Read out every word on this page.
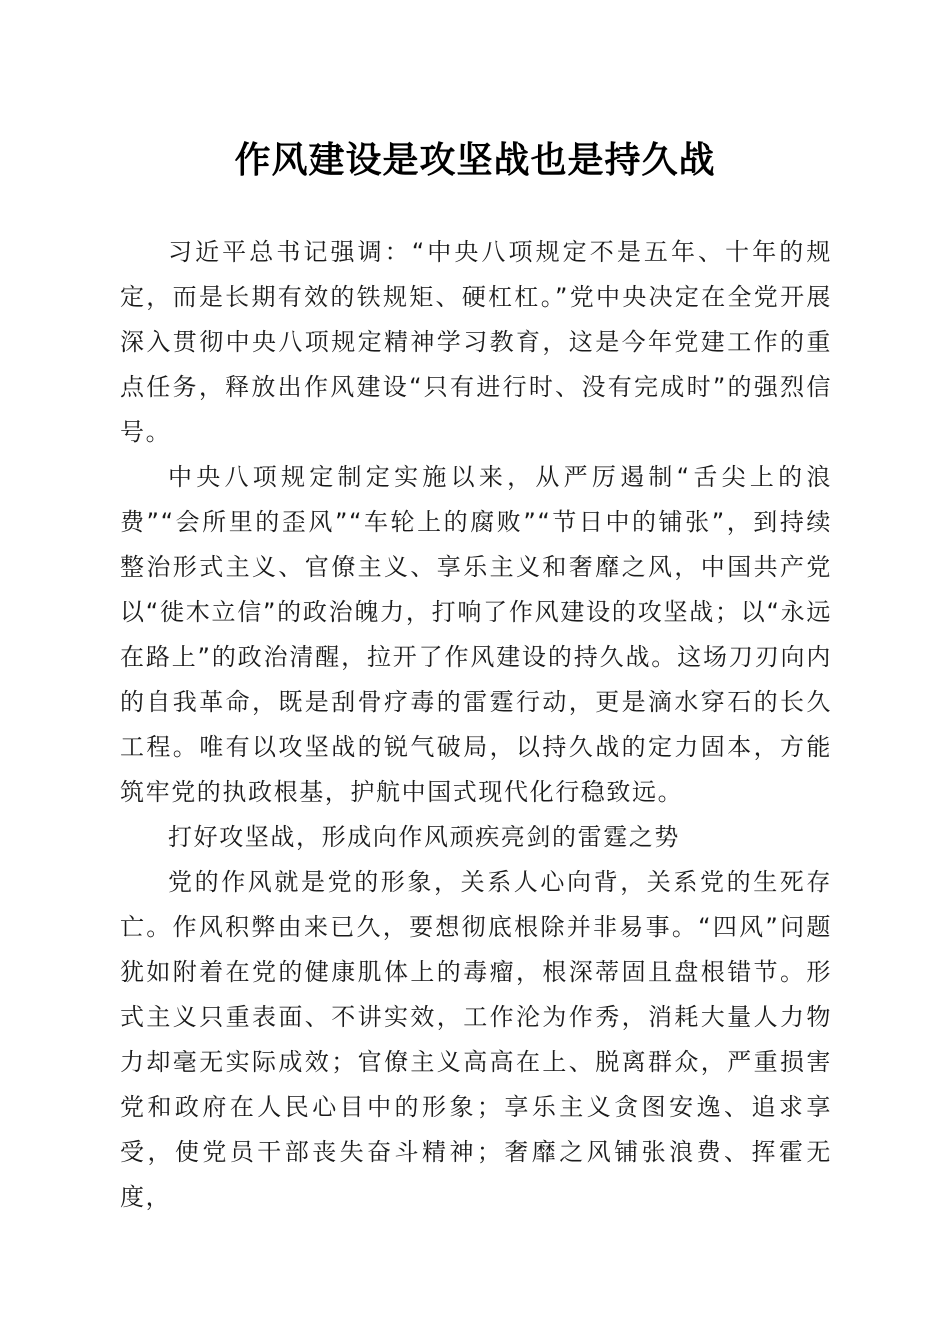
作风建设是攻坚战也是持久战

习近平总书记强调：“中央八项规定不是五年、十年的规定，而是长期有效的铁规矩、硬杠杠。”党中央决定在全党开展深入贯彻中央八项规定精神学习教育，这是今年党建工作的重点任务，释放出作风建设“只有进行时、没有完成时”的强烈信号。

中央八项规定制定实施以来，从严厉遏制“舌尖上的浪费”“会所里的歪风”“车轮上的腐败”“节日中的铺张”，到持续整治形式主义、官僚主义、享乐主义和奢靡之风，中国共产党以“徙木立信”的政治魄力，打响了作风建设的攻坚战；以“永远在路上”的政治清醒，拉开了作风建设的持久战。这场刀刃向内的自我革命，既是刮骨疗毒的雷霆行动，更是滴水穿石的长久工程。唯有以攻坚战的锐气破局，以持久战的定力固本，方能筑牢党的执政根基，护航中国式现代化行稳致远。

打好攻坚战，形成向作风顽疾亮剑的雷霆之势

党的作风就是党的形象，关系人心向背，关系党的生死存亡。作风积弊由来已久，要想彻底根除并非易事。“四风”问题犹如附着在党的健康肌体上的毒瘤，根深蒂固且盘根错节。形式主义只重表面、不讲实效，工作沦为作秀，消耗大量人力物力却毫无实际成效；官僚主义高高在上、脱离群众，严重损害党和政府在人民心目中的形象；享乐主义贪图安逸、追求享受，使党员干部丧失奋斗精神；奢靡之风铺张浪费、挥霍无度，
